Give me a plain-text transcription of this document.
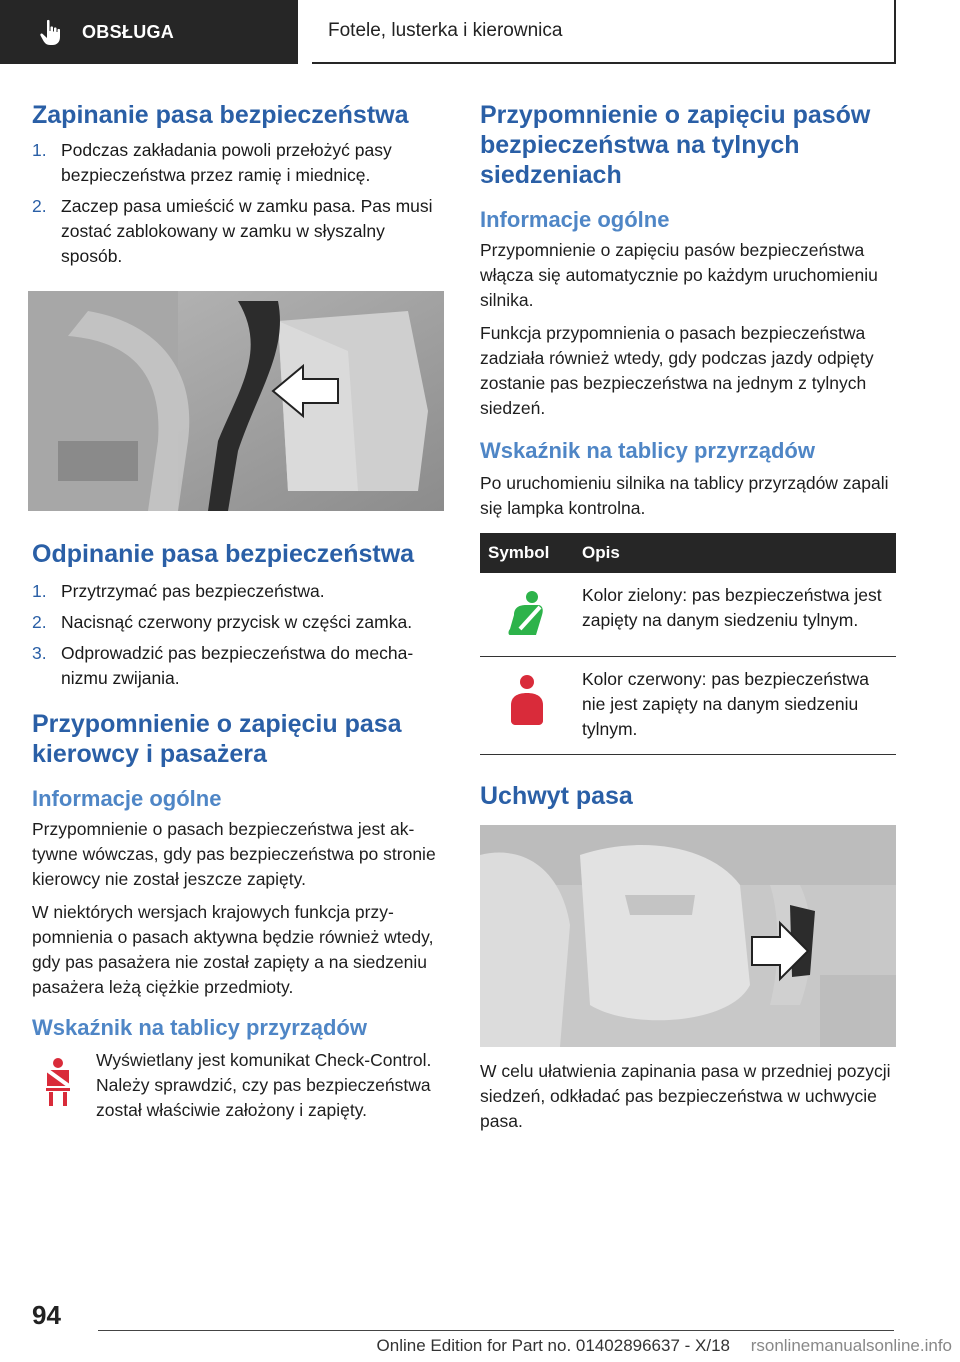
OBSŁUGA	Fotele, lusterka i kierownica
Zapinanie pasa bezpieczeństwa
1. Podczas zakładania powoli przełożyć pasy bezpieczeństwa przez ramię i miednicę.
2. Zaczep pasa umieścić w zamku pasa. Pas musi zostać zablokowany w zamku w słyszalny sposób.
Odpinanie pasa bezpieczeństwa
1. Przytrzymać pas bezpieczeństwa.
2. Nacisnąć czerwony przycisk w części zamka.
3. Odprowadzić pas bezpieczeństwa do mechanizmu zwijania.
Przypomnienie o zapięciu pasa kierowcy i pasażera
Informacje ogólne

Przypomnienie o pasach bezpieczeństwa jest aktywne wówczas, gdy pas bezpieczeństwa po stronie kierowcy nie został jeszcze zapięty.

W niektórych wersjach krajowych funkcja przypomnienia o pasach aktywna będzie również wtedy, gdy pas pasażera nie został zapięty a na siedzeniu pasażera leżą ciężkie przedmioty.

Wskaźnik na tablicy przyrządów

Wyświetlany jest komunikat Check-Control. Należy sprawdzić, czy pas bezpieczeństwa został właściwie założony i zapięty.

Przypomnienie o zapięciu pasów bezpieczeństwa na tylnych siedzeniach
Informacje ogólne

Przypomnienie o zapięciu pasów bezpieczeństwa włącza się automatycznie po każdym uruchomieniu silnika.

Funkcja przypomnienia o pasach bezpieczeństwa zadziała również wtedy, gdy podczas jazdy odpięty zostanie pas bezpieczeństwa na jednym z tylnych siedzeń.

Wskaźnik na tablicy przyrządów

Po uruchomieniu silnika na tablicy przyrządów zapali się lampka kontrolna.

Symbol	Opis
	Kolor zielony: pas bezpieczeństwa jest zapięty na danym siedzeniu tylnym.
	Kolor czerwony: pas bezpieczeństwa nie jest zapięty na danym siedzeniu tylnym.
Uchwyt pasa

W celu ułatwienia zapinania pasa w przedniej pozycji siedzeń, odkładać pas bezpieczeństwa w uchwycie pasa.

94
Online Edition for Part no. 01402896637 - X/18 rsonlinemanualsonline.info
